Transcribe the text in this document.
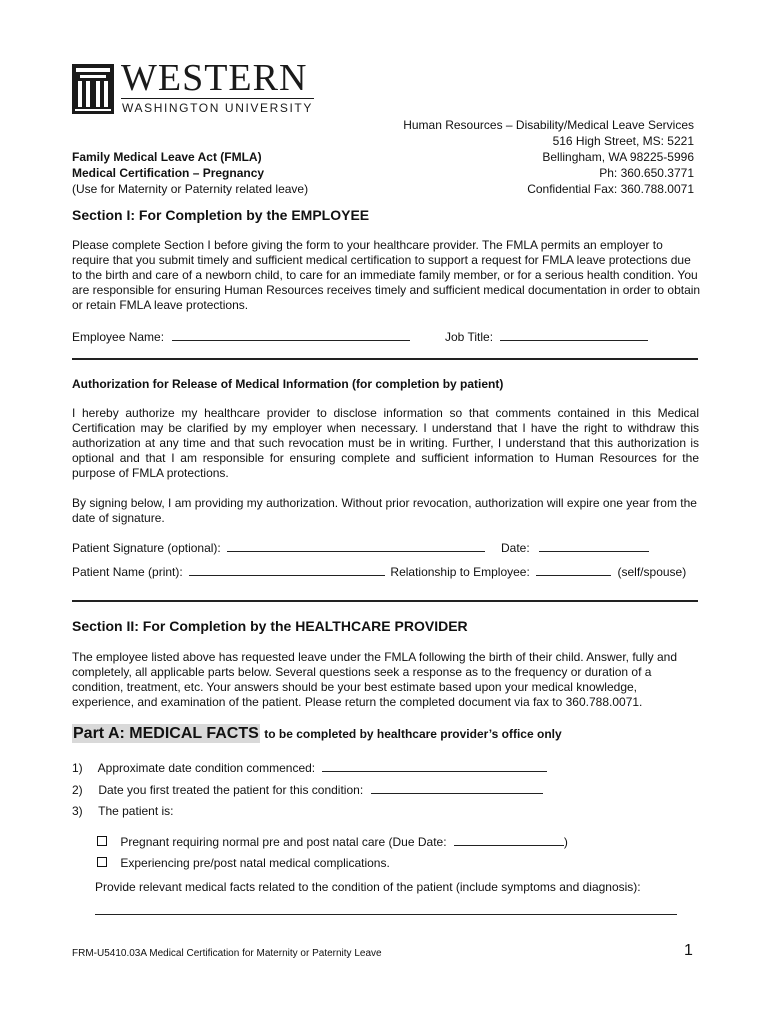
WESTERN
WASHINGTON UNIVERSITY
Human Resources – Disability/Medical Leave Services
516 High Street, MS: 5221
Bellingham, WA 98225-5996
Ph: 360.650.3771
Confidential Fax: 360.788.0071
Family Medical Leave Act (FMLA)
Medical Certification – Pregnancy
(Use for Maternity or Paternity related leave)
Section I: For Completion by the EMPLOYEE
Please complete Section I before giving the form to your healthcare provider. The FMLA permits an employer to require that you submit timely and sufficient medical certification to support a request for FMLA leave protections due to the birth and care of a newborn child, to care for an immediate family member, or for a serious health condition. You are responsible for ensuring Human Resources receives timely and sufficient medical documentation in order to obtain or retain FMLA leave protections.
Employee Name:	Job Title:
Authorization for Release of Medical Information (for completion by patient)
I hereby authorize my healthcare provider to disclose information so that comments contained in this Medical Certification may be clarified by my employer when necessary. I understand that I have the right to withdraw this authorization at any time and that such revocation must be in writing. Further, I understand that this authorization is optional and that I am responsible for ensuring complete and sufficient information to Human Resources for the purpose of FMLA protections.
By signing below, I am providing my authorization. Without prior revocation, authorization will expire one year from the date of signature.
Patient Signature (optional):	Date:
Patient Name (print):	Relationship to Employee:	(self/spouse)
Section II: For Completion by the HEALTHCARE PROVIDER
The employee listed above has requested leave under the FMLA following the birth of their child. Answer, fully and completely, all applicable parts below. Several questions seek a response as to the frequency or duration of a condition, treatment, etc. Your answers should be your best estimate based upon your medical knowledge, experience, and examination of the patient. Please return the completed document via fax to 360.788.0071.
Part A: MEDICAL FACTS to be completed by healthcare provider’s office only
1) Approximate date condition commenced:
2) Date you first treated the patient for this condition:
3) The patient is:
Pregnant requiring normal pre and post natal care (Due Date:	)
Experiencing pre/post natal medical complications.
Provide relevant medical facts related to the condition of the patient (include symptoms and diagnosis):
FRM-U5410.03A Medical Certification for Maternity or Paternity Leave	1
